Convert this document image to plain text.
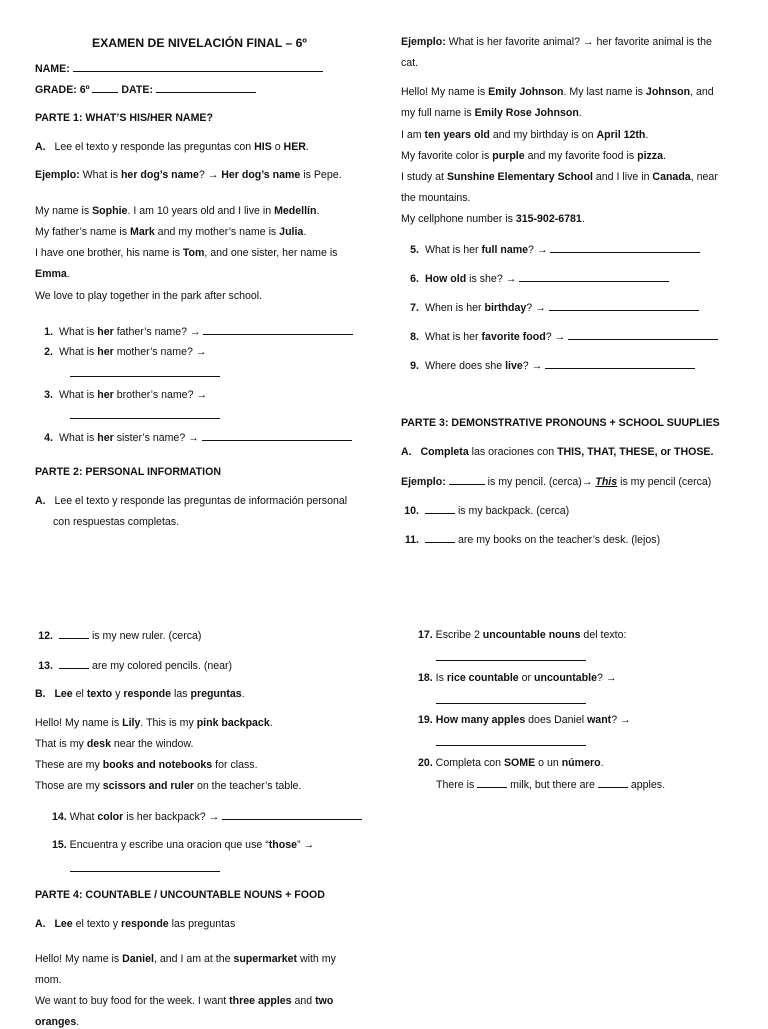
EXAMEN DE NIVELACIÓN FINAL – 6º
NAME:
GRADE: 6º	DATE:
PARTE 1: WHAT’S HIS/HER NAME?
A. Lee el texto y responde las preguntas con HIS o HER.
Ejemplo: What is her dog’s name? → Her dog’s name is Pepe.
My name is Sophie. I am 10 years old and I live in Medellín.
My father’s name is Mark and my mother’s name is Julia.
I have one brother, his name is Tom, and one sister, her name is
Emma.
We love to play together in the park after school.
1. What is her father’s name? →
2. What is her mother’s name? →
3. What is her brother’s name? →
4. What is her sister’s name? →
PARTE 2: PERSONAL INFORMATION
A. Lee el texto y responde las preguntas de información personal
con respuestas completas.
12.	is my new ruler. (cerca)
13.	are my colored pencils. (near)
B. Lee el texto y responde las preguntas.
Hello! My name is Lily. This is my pink backpack.
That is my desk near the window.
These are my books and notebooks for class.
Those are my scissors and ruler on the teacher’s table.
14. What color is her backpack? →
15. Encuentra y escribe una oracion que use “those” →
PARTE 4: COUNTABLE / UNCOUNTABLE NOUNS + FOOD
A. Lee el texto y responde las preguntas
Hello! My name is Daniel, and I am at the supermarket with my
mom.
We want to buy food for the week. I want three apples and two
oranges.
Ejemplo: What is her favorite animal? → her favorite animal is the
cat.
Hello! My name is Emily Johnson. My last name is Johnson, and
my full name is Emily Rose Johnson.
I am ten years old and my birthday is on April 12th.
My favorite color is purple and my favorite food is pizza.
I study at Sunshine Elementary School and I live in Canada, near
the mountains.
My cellphone number is 315-902-6781.
5. What is her full name? →
6. How old is she? →
7. When is her birthday? →
8. What is her favorite food? →
9. Where does she live? →
PARTE 3: DEMONSTRATIVE PRONOUNS + SCHOOL SUUPLIES
A. Completa las oraciones con THIS, THAT, THESE, or THOSE.
Ejemplo:	is my pencil. (cerca)→ This is my pencil (cerca)
10.	is my backpack. (cerca)
11.	are my books on the teacher’s desk. (lejos)
17. Escribe 2 uncountable nouns del texto:
18. Is rice countable or uncountable? →
19. How many apples does Daniel want? →
20. Completa con SOME o un número.
There is	milk, but there are	apples.
